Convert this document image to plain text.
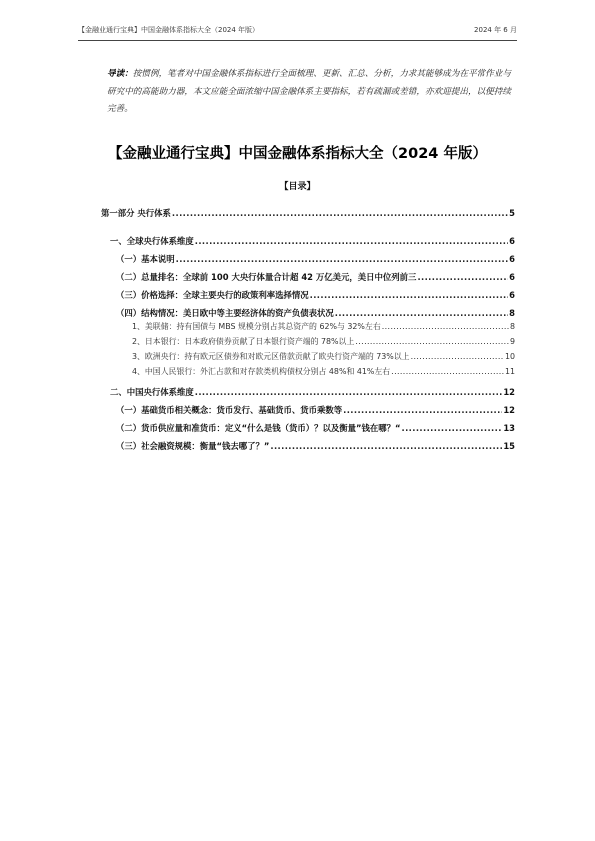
【金融业通行宝典】中国金融体系指标大全（2024 年版）	2024 年 6 月
导读：按惯例，笔者对中国金融体系指标进行全面梳理、更新、汇总、分析，力求其能够成为在平常作业与研究中的高能助力器，本文应能全面浓缩中国金融体系主要指标，若有疏漏或差错，亦欢迎提出，以便持续完善。
【金融业通行宝典】中国金融体系指标大全（2024 年版）
【目录】
第一部分 央行体系 .....	5
一、全球央行体系维度 .....	6
（一）基本说明 .....	6
（二）总量排名：全球前 100 大央行体量合计超 42 万亿美元，美日中位列前三 .....	6
（三）价格选择：全球主要央行的政策利率选择情况 .....	6
（四）结构情况：美日欧中等主要经济体的资产负债表状况 .....	8
1、美联储：持有国债与 MBS 规模分别占其总资产的 62%与 32%左右 .....	8
2、日本银行：日本政府债券贡献了日本银行资产端的 78%以上 .....	9
3、欧洲央行：持有欧元区债券和对欧元区借款贡献了欧央行资产端的 73%以上 .....	10
4、中国人民银行：外汇占款和对存款类机构债权分别占 48%和 41%左右 .....	11
二、中国央行体系维度 .....	12
（一）基础货币相关概念：货币发行、基础货币、货币乘数等 .....	12
（二）货币供应量和准货币：定义“什么是钱（货币）？以及衡量”钱在哪？“ .....	13
（三）社会融资规模：衡量“钱去哪了？” .....	15
